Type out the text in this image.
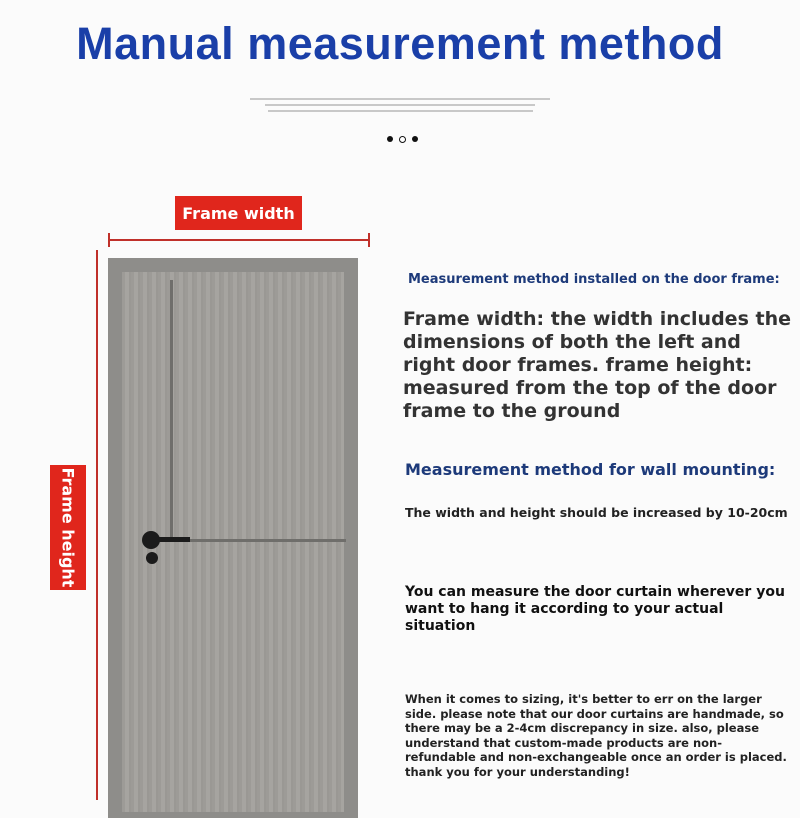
Manual measurement method
Frame width
Frame height
Measurement method installed on the door frame:
Frame width: the width includes the dimensions of both the left and right door frames. frame height: measured from the top of the door frame to the ground
Measurement method for wall mounting:
The width and height should be increased by 10-20cm
You can measure the door curtain wherever you want to hang it according to your actual situation
When it comes to sizing, it's better to err on the larger side. please note that our door curtains are handmade, so there may be a 2-4cm discrepancy in size. also, please understand that custom-made products are non-refundable and non-exchangeable once an order is placed. thank you for your understanding!
